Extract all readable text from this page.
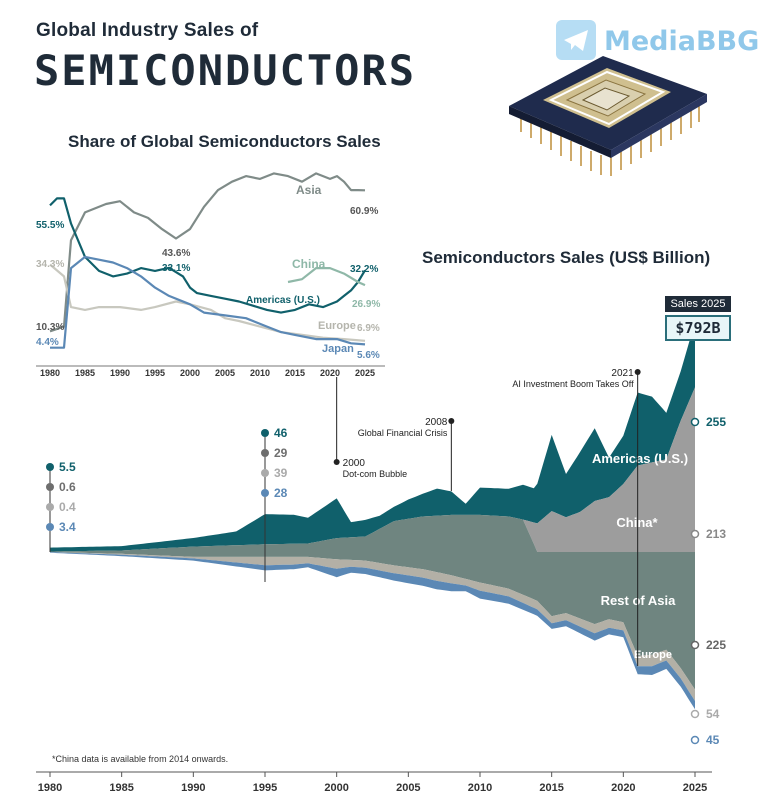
Global Industry Sales of
SEMICONDUCTORS
MediaBBG
Share of Global Semiconductors Sales
Semiconductors Sales (US$ Billion)
1980 1985 1990 1995 2000 2005 2010 2015 2020 2025
Asia
60.9%
43.6%
10.3%
55.5%
33.1%
Americas (U.S.)
32.2%
China
26.9%
34.3%
Europe 6.9%
4.4%
Japan
5.6%
1980	1985	1990	1995	2000	2005	2010	2015	2020	2025
Americas (U.S.)
China*
Rest of Asia
Europe
Japan
5.5
0.6
0.4
3.4
46
29
39
28
255
213
225
54
45
2000
Dot-com Bubble
2008
Global Financial Crisis
2021
AI Investment Boom Takes Off
Sales 2025
$792B
*China data is available from 2014 onwards.
